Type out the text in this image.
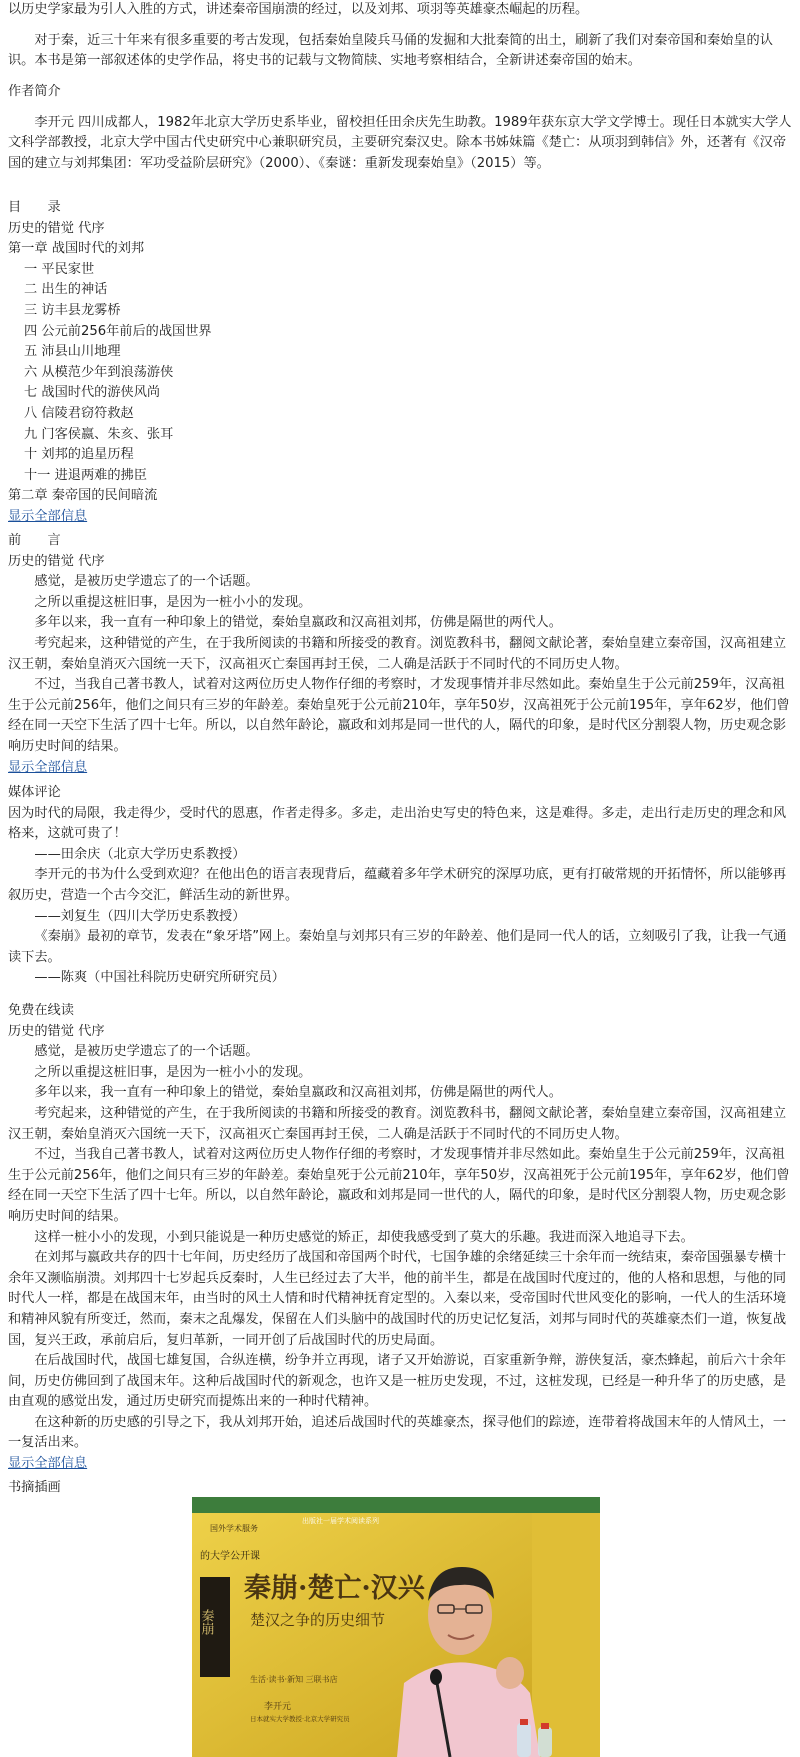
以历史学家最为引人入胜的方式，讲述秦帝国崩溃的经过，以及刘邦、项羽等英雄豪杰崛起的历程。

对于秦，近三十年来有很多重要的考古发现，包括秦始皇陵兵马俑的发掘和大批秦简的出土，刷新了我们对秦帝国和秦始皇的认识。本书是第一部叙述体的史学作品，将史书的记载与文物简牍、实地考察相结合，全新讲述秦帝国的始末。

作者简介

李开元 四川成都人，1982年北京大学历史系毕业，留校担任田余庆先生助教。1989年获东京大学文学博士。现任日本就实大学人文科学部教授，北京大学中国古代史研究中心兼职研究员，主要研究秦汉史。除本书姊妹篇《楚亡：从项羽到韩信》外，还著有《汉帝国的建立与刘邦集团：军功受益阶层研究》（2000）、《秦谜：重新发现秦始皇》（2015）等。

目　　录

历史的错觉 代序

第一章 战国时代的刘邦

一 平民家世

二 出生的神话

三 访丰县龙雾桥

四 公元前256年前后的战国世界

五 沛县山川地理

六 从模范少年到浪荡游侠

七 战国时代的游侠风尚

八 信陵君窃符救赵

九 门客侯嬴、朱亥、张耳

十 刘邦的追星历程

十一 进退两难的拂臣

第二章 秦帝国的民间暗流

显示全部信息

前　　言

历史的错觉 代序

感觉，是被历史学遗忘了的一个话题。

之所以重提这桩旧事，是因为一桩小小的发现。

多年以来，我一直有一种印象上的错觉，秦始皇嬴政和汉高祖刘邦，仿佛是隔世的两代人。

考究起来，这种错觉的产生，在于我所阅读的书籍和所接受的教育。浏览教科书，翻阅文献论著，秦始皇建立秦帝国，汉高祖建立汉王朝，秦始皇消灭六国统一天下，汉高祖灭亡秦国再封王侯，二人确是活跃于不同时代的不同历史人物。

不过，当我自己著书教人，试着对这两位历史人物作仔细的考察时，才发现事情并非尽然如此。秦始皇生于公元前259年，汉高祖生于公元前256年，他们之间只有三岁的年龄差。秦始皇死于公元前210年，享年50岁，汉高祖死于公元前195年，享年62岁，他们曾经在同一天空下生活了四十七年。所以，以自然年龄论，嬴政和刘邦是同一世代的人，隔代的印象，是时代区分割裂人物，历史观念影响历史时间的结果。

显示全部信息

媒体评论

因为时代的局限，我走得少，受时代的恩惠，作者走得多。多走，走出治史写史的特色来，这是难得。多走，走出行走历史的理念和风格来，这就可贵了！

——田余庆（北京大学历史系教授）

李开元的书为什么受到欢迎？在他出色的语言表现背后，蕴藏着多年学术研究的深厚功底，更有打破常规的开拓情怀，所以能够再叙历史，营造一个古今交汇，鲜活生动的新世界。

——刘复生（四川大学历史系教授）

《秦崩》最初的章节，发表在“象牙塔”网上。秦始皇与刘邦只有三岁的年龄差、他们是同一代人的话，立刻吸引了我，让我一气通读下去。

——陈爽（中国社科院历史研究所研究员）

免费在线读

历史的错觉 代序

感觉，是被历史学遗忘了的一个话题。

之所以重提这桩旧事，是因为一桩小小的发现。

多年以来，我一直有一种印象上的错觉，秦始皇嬴政和汉高祖刘邦，仿佛是隔世的两代人。

考究起来，这种错觉的产生，在于我所阅读的书籍和所接受的教育。浏览教科书，翻阅文献论著，秦始皇建立秦帝国，汉高祖建立汉王朝，秦始皇消灭六国统一天下，汉高祖灭亡秦国再封王侯，二人确是活跃于不同时代的不同历史人物。

不过，当我自己著书教人，试着对这两位历史人物作仔细的考察时，才发现事情并非尽然如此。秦始皇生于公元前259年，汉高祖生于公元前256年，他们之间只有三岁的年龄差。秦始皇死于公元前210年，享年50岁，汉高祖死于公元前195年，享年62岁，他们曾经在同一天空下生活了四十七年。所以，以自然年龄论，嬴政和刘邦是同一世代的人，隔代的印象，是时代区分割裂人物，历史观念影响历史时间的结果。

这样一桩小小的发现，小到只能说是一种历史感觉的矫正，却使我感受到了莫大的乐趣。我进而深入地追寻下去。

在刘邦与嬴政共存的四十七年间，历史经历了战国和帝国两个时代，七国争雄的余绪延续三十余年而一统结束，秦帝国强暴专横十余年又濒临崩溃。刘邦四十七岁起兵反秦时，人生已经过去了大半，他的前半生，都是在战国时代度过的，他的人格和思想，与他的同时代人一样，都是在战国末年，由当时的风土人情和时代精神抚育定型的。入秦以来，受帝国时代世风变化的影响，一代人的生活环境和精神风貌有所变迁，然而，秦末之乱爆发，保留在人们头脑中的战国时代的历史记忆复活，刘邦与同时代的英雄豪杰们一道，恢复战国，复兴王政，承前启后，复归革新，一同开创了后战国时代的历史局面。

在后战国时代，战国七雄复国，合纵连横，纷争并立再现，诸子又开始游说，百家重新争辩，游侠复活，豪杰蜂起，前后六十余年间，历史仿佛回到了战国末年。这种后战国时代的新观念，也许又是一桩历史发现，不过，这桩发现，已经是一种升华了的历史感，是由直观的感觉出发，通过历史研究而提炼出来的一种时代精神。

在这种新的历史感的引导之下，我从刘邦开始，追述后战国时代的英雄豪杰，探寻他们的踪迹，连带着将战国末年的人情风土，一一复活出来。

显示全部信息

书摘插画

国外学术服务
出版社一届学术阅读系列
的大学公开课
秦崩
秦崩·楚亡·汉兴
楚汉之争的历史细节
生活·读书·新知 三联书店
李开元
日本就实大学教授·北京大学研究员
